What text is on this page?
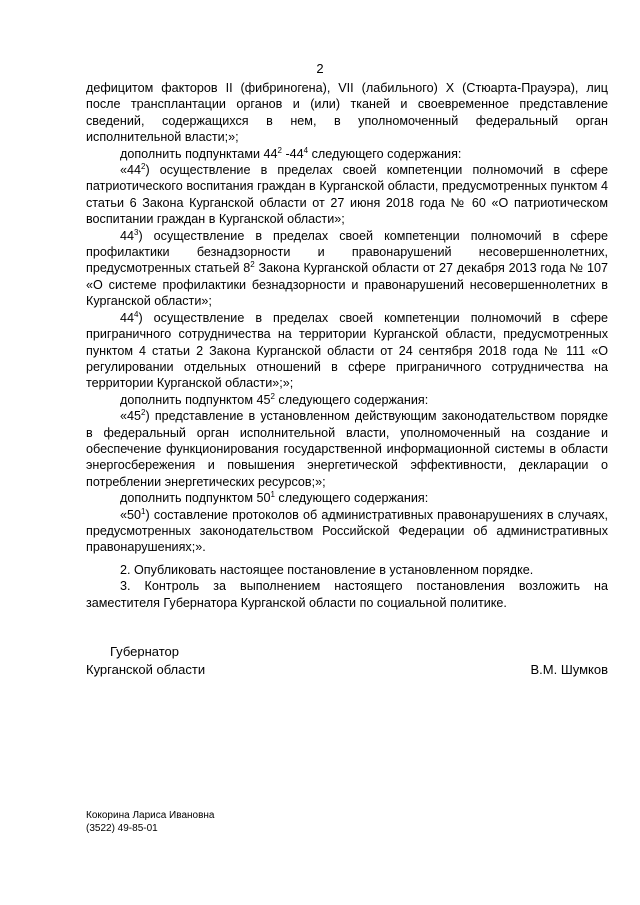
2

дефицитом факторов II (фибриногена), VII (лабильного) X (Стюарта-Прауэра), лиц после трансплантации органов и (или) тканей и своевременное представление сведений, содержащихся в нем, в уполномоченный федеральный орган исполнительной власти;»;

дополнить подпунктами $44^2$ $-44^4$ следующего содержания:

«$44^2$) осуществление в пределах своей компетенции полномочий в сфере патриотического воспитания граждан в Курганской области, предусмотренных пунктом 4 статьи 6 Закона Курганской области от 27 июня 2018 года № 60 «О патриотическом воспитании граждан в Курганской области»;

$44^3$) осуществление в пределах своей компетенции полномочий в сфере профилактики безнадзорности и правонарушений несовершеннолетних, предусмотренных статьей $8^2$ Закона Курганской области от 27 декабря 2013 года № 107 «О системе профилактики безнадзорности и правонарушений несовершеннолетних в Курганской области»;

$44^4$) осуществление в пределах своей компетенции полномочий в сфере приграничного сотрудничества на территории Курганской области, предусмотренных пунктом 4 статьи 2 Закона Курганской области от 24 сентября 2018 года № 111 «О регулировании отдельных отношений в сфере приграничного сотрудничества на территории Курганской области»;»;

дополнить подпунктом $45^2$ следующего содержания:

«$45^2$) представление в установленном действующим законодательством порядке в федеральный орган исполнительной власти, уполномоченный на создание и обеспечение функционирования государственной информационной системы в области энергосбережения и повышения энергетической эффективности, декларации о потреблении энергетических ресурсов;»;

дополнить подпунктом $50^1$ следующего содержания:

«$50^1$) составление протоколов об административных правонарушениях в случаях, предусмотренных законодательством Российской Федерации об административных правонарушениях;».

2. Опубликовать настоящее постановление в установленном порядке.

3. Контроль за выполнением настоящего постановления возложить на заместителя Губернатора Курганской области по социальной политике.

Губернатор
Курганской области	В.М. Шумков
Кокорина Лариса Ивановна
(3522) 49-85-01
